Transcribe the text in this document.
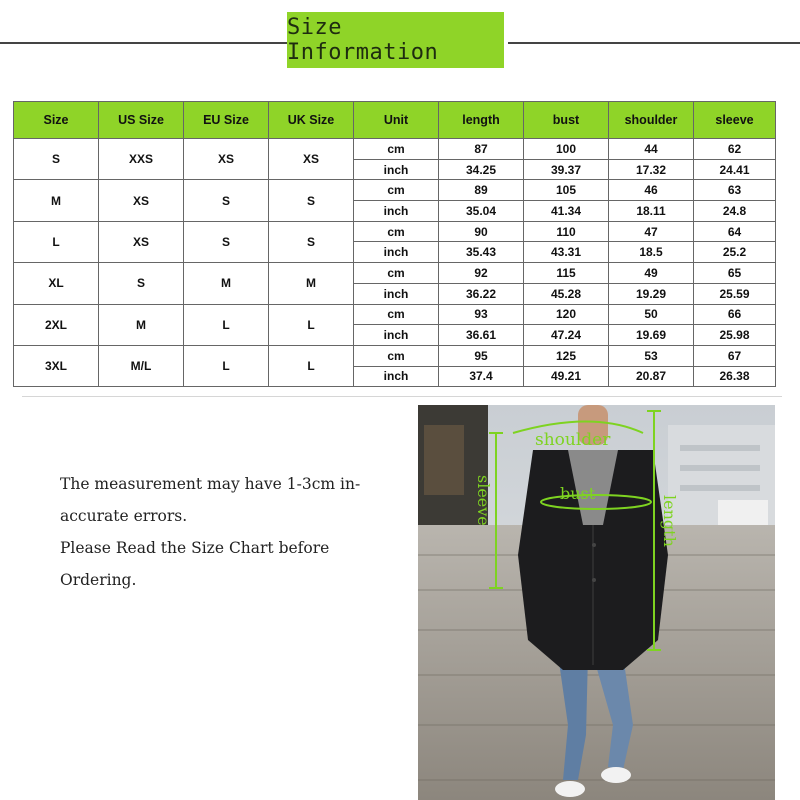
Size Information
Size	US Size	EU Size	UK Size	Unit	length	bust	shoulder	sleeve
S	XXS	XS	XS	cm	87	100	44	62
				inch	34.25	39.37	17.32	24.41
M	XS	S	S	cm	89	105	46	63
				inch	35.04	41.34	18.11	24.8
L	XS	S	S	cm	90	110	47	64
				inch	35.43	43.31	18.5	25.2
XL	S	M	M	cm	92	115	49	65
				inch	36.22	45.28	19.29	25.59
2XL	M	L	L	cm	93	120	50	66
				inch	36.61	47.24	19.69	25.98
3XL	M/L	L	L	cm	95	125	53	67
				inch	37.4	49.21	20.87	26.38

The measurement may have 1-3cm in-

accurate errors.

Please Read the Size Chart before

Ordering.

shoulder
bust
sleeve	length
